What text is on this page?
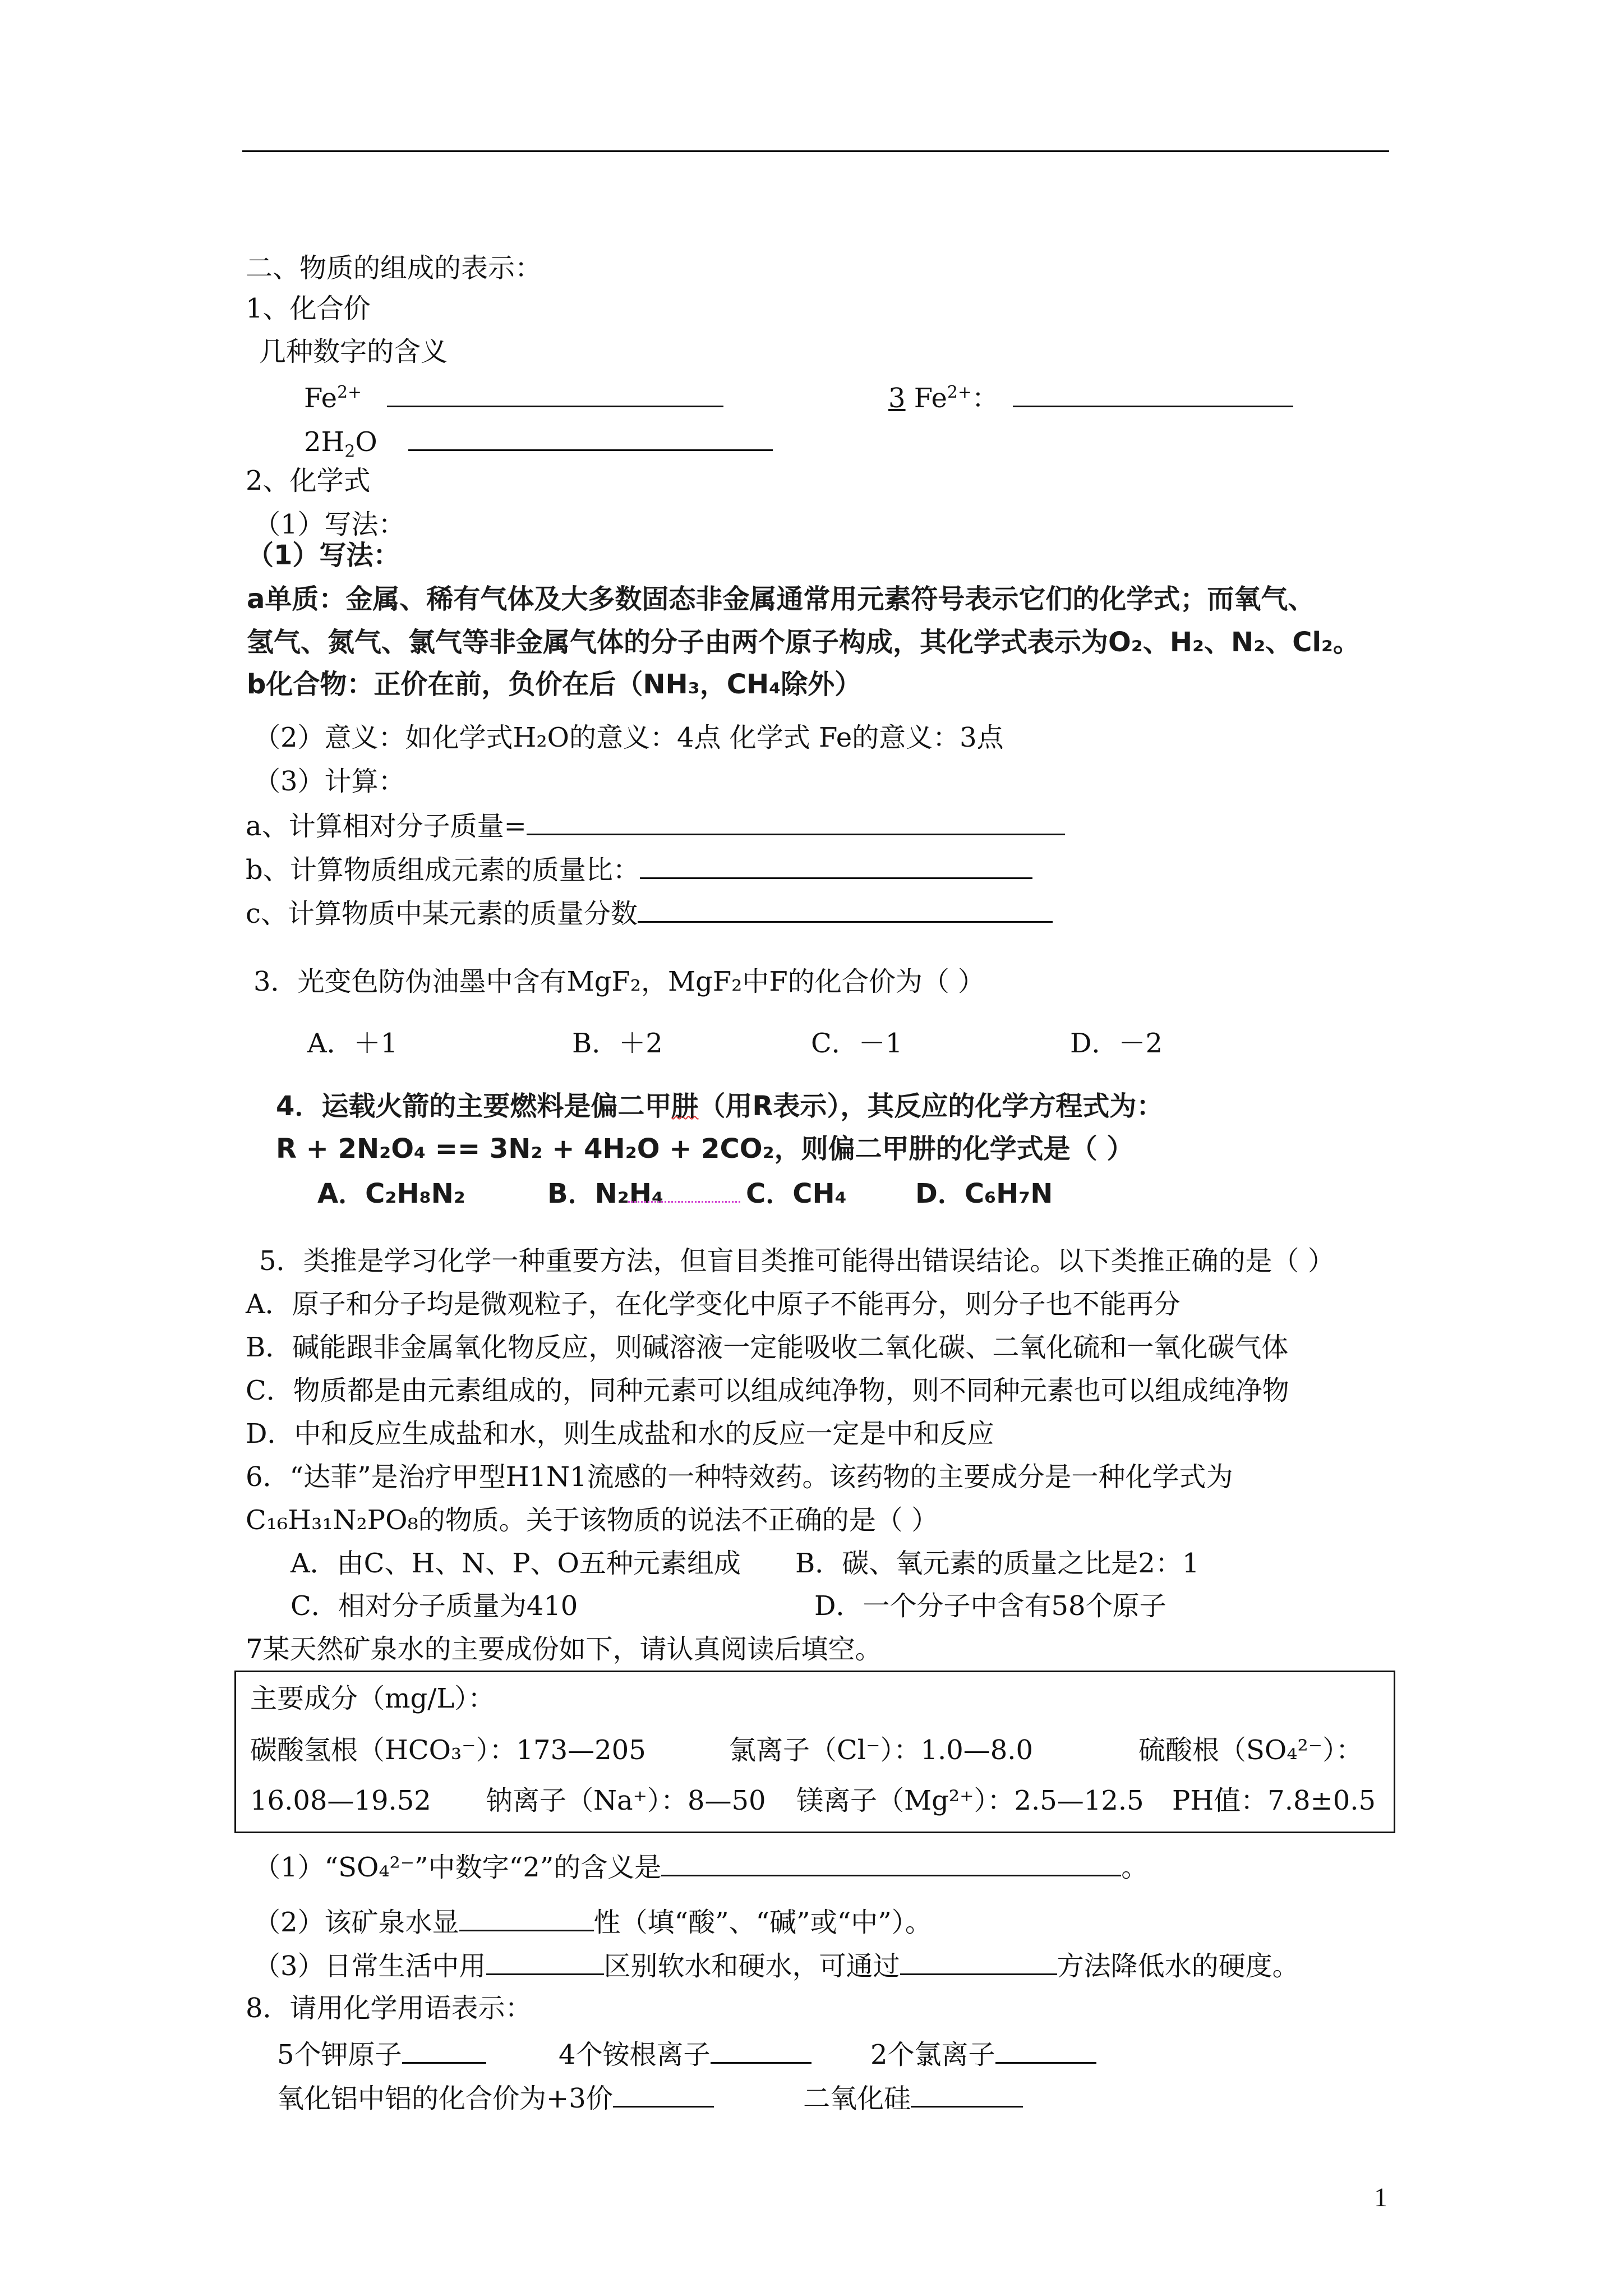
二、物质的组成的表示：
1、化合价
几种数字的含义
$Fe^{2+}$	3 $Fe^{2+}$：
$2H_2O$
2、化学式
（1）写法：
（1）写法：
a单质：金属、稀有气体及大多数固态非金属通常用元素符号表示它们的化学式；而氧气、
氢气、氮气、氯气等非金属气体的分子由两个原子构成，其化学式表示为O₂、H₂、N₂、Cl₂。
b化合物：正价在前，负价在后（NH₃，CH₄除外）
（2）意义：如化学式H₂O的意义：4点 化学式 Fe的意义：3点
（3）计算：
a、计算相对分子质量=
b、计算物质组成元素的质量比：
c、计算物质中某元素的质量分数
3．光变色防伪油墨中含有MgF₂，MgF₂中F的化合价为（ ）
A．＋1	B．＋2	C．－1	D．－2
4．运载火箭的主要燃料是偏二甲肼（用R表示），其反应的化学方程式为：
R + 2N₂O₄ == 3N₂ + 4H₂O + 2CO₂，则偏二甲肼的化学式是（ ）
A．C₂H₈N₂	B．N₂H₄	C．CH₄	D．C₆H₇N
5．类推是学习化学一种重要方法，但盲目类推可能得出错误结论。以下类推正确的是（ ）
A．原子和分子均是微观粒子，在化学变化中原子不能再分，则分子也不能再分
B．碱能跟非金属氧化物反应，则碱溶液一定能吸收二氧化碳、二氧化硫和一氧化碳气体
C．物质都是由元素组成的，同种元素可以组成纯净物，则不同种元素也可以组成纯净物
D．中和反应生成盐和水，则生成盐和水的反应一定是中和反应
6．“达菲”是治疗甲型H1N1流感的一种特效药。该药物的主要成分是一种化学式为
C₁₆H₃₁N₂PO₈的物质。关于该物质的说法不正确的是（ ）
A．由C、H、N、P、O五种元素组成 B．碳、氧元素的质量之比是2：1
C．相对分子质量为410	D．一个分子中含有58个原子
7某天然矿泉水的主要成份如下，请认真阅读后填空。
主要成分（mg/L）：
碳酸氢根（HCO₃⁻）：173—205	氯离子（Cl⁻）：1.0—8.0	硫酸根（SO₄²⁻）：
16.08—19.52 钠离子（Na⁺）：8—50 镁离子（Mg²⁺）：2.5—12.5 PH值：7.8±0.5
（1）“SO₄²⁻”中数字“2”的含义是	。
（2）该矿泉水显	性（填“酸”、“碱”或“中”）。
（3）日常生活中用	区别软水和硬水，可通过	方法降低水的硬度。
8．请用化学用语表示：
5个钾原子	4个铵根离子	2个氯离子
氧化铝中铝的化合价为+3价	二氧化硅
1
